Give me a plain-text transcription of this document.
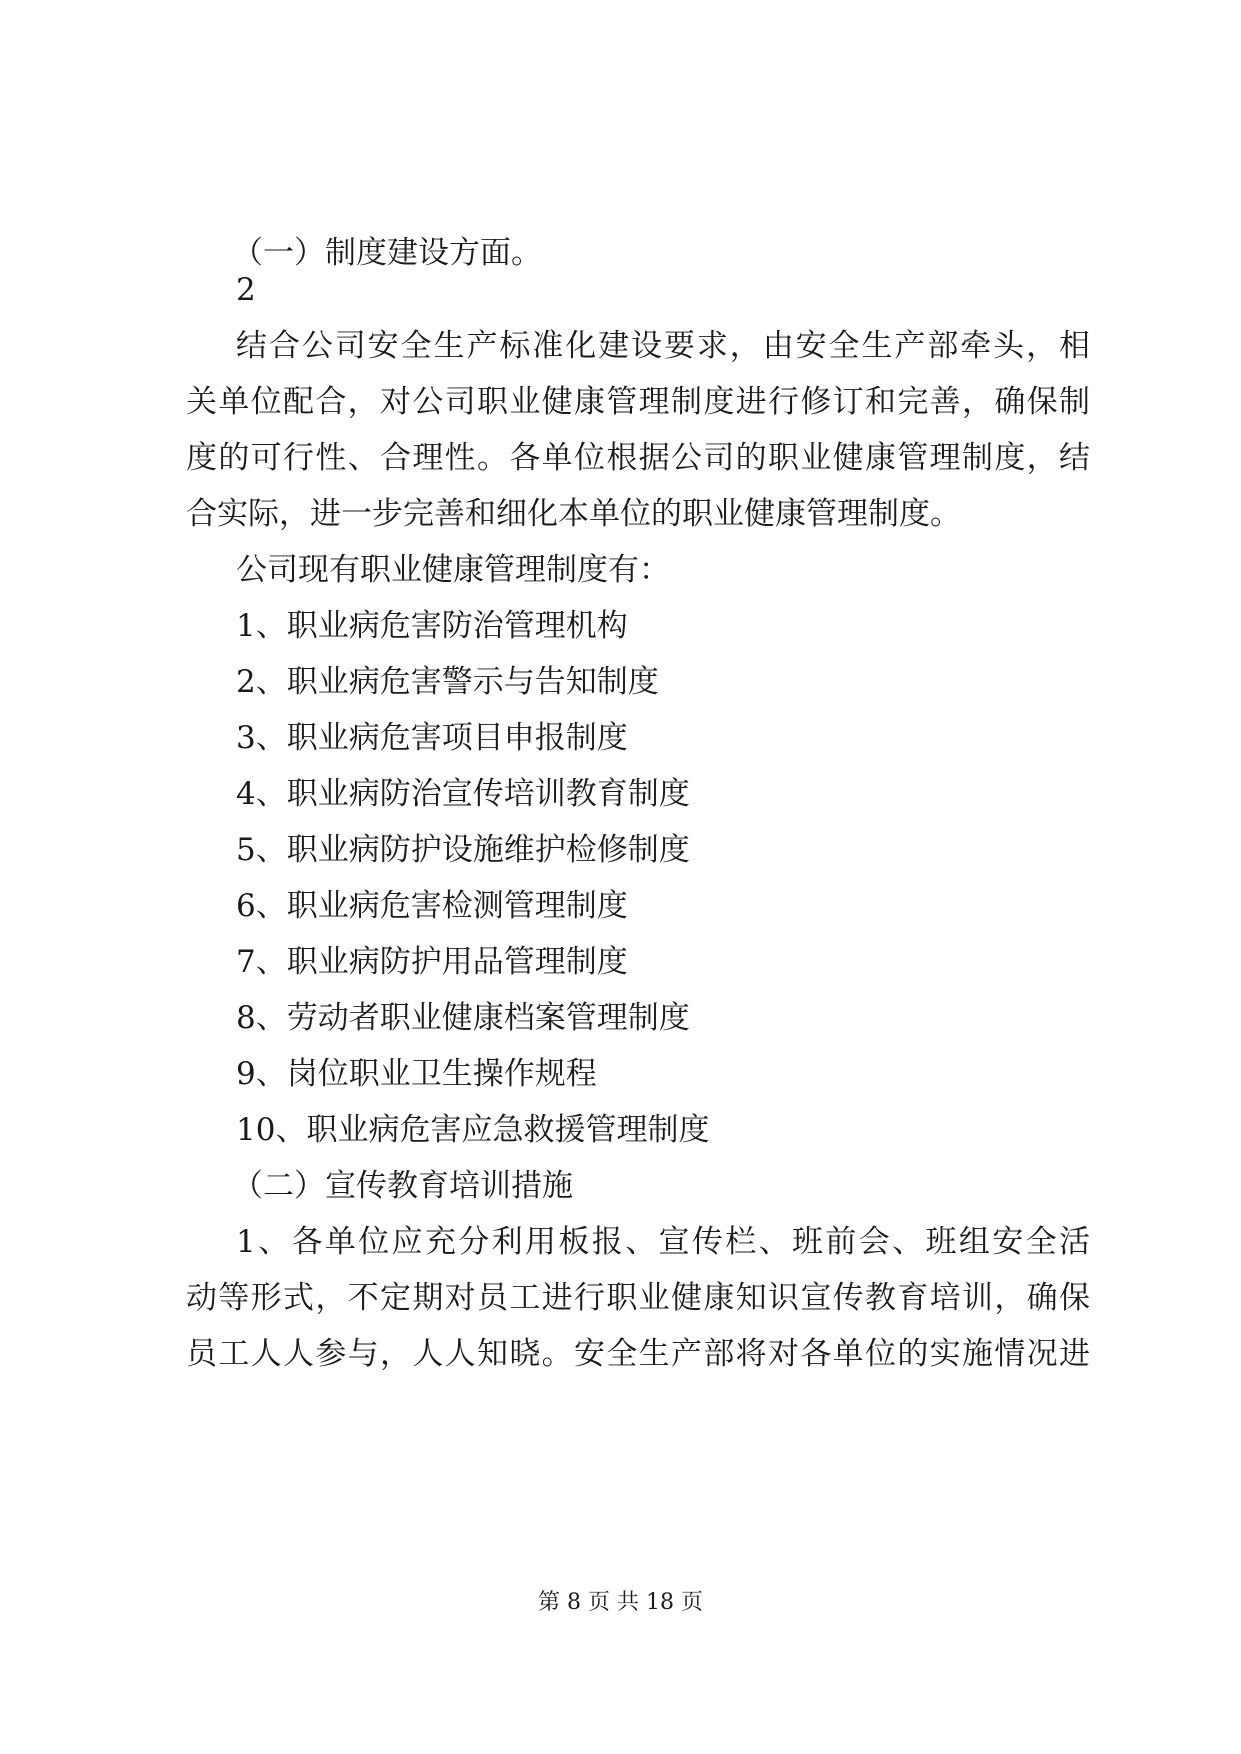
（一）制度建设方面。
2
结合公司安全生产标准化建设要求，由安全生产部牵头，相
关单位配合，对公司职业健康管理制度进行修订和完善，确保制
度的可行性、合理性。各单位根据公司的职业健康管理制度，结
合实际，进一步完善和细化本单位的职业健康管理制度。
公司现有职业健康管理制度有：
1、职业病危害防治管理机构
2、职业病危害警示与告知制度
3、职业病危害项目申报制度
4、职业病防治宣传培训教育制度
5、职业病防护设施维护检修制度
6、职业病危害检测管理制度
7、职业病防护用品管理制度
8、劳动者职业健康档案管理制度
9、岗位职业卫生操作规程
10、职业病危害应急救援管理制度
（二）宣传教育培训措施
1、各单位应充分利用板报、宣传栏、班前会、班组安全活
动等形式，不定期对员工进行职业健康知识宣传教育培训，确保
员工人人参与，人人知晓。安全生产部将对各单位的实施情况进
第 8 页 共 18 页
